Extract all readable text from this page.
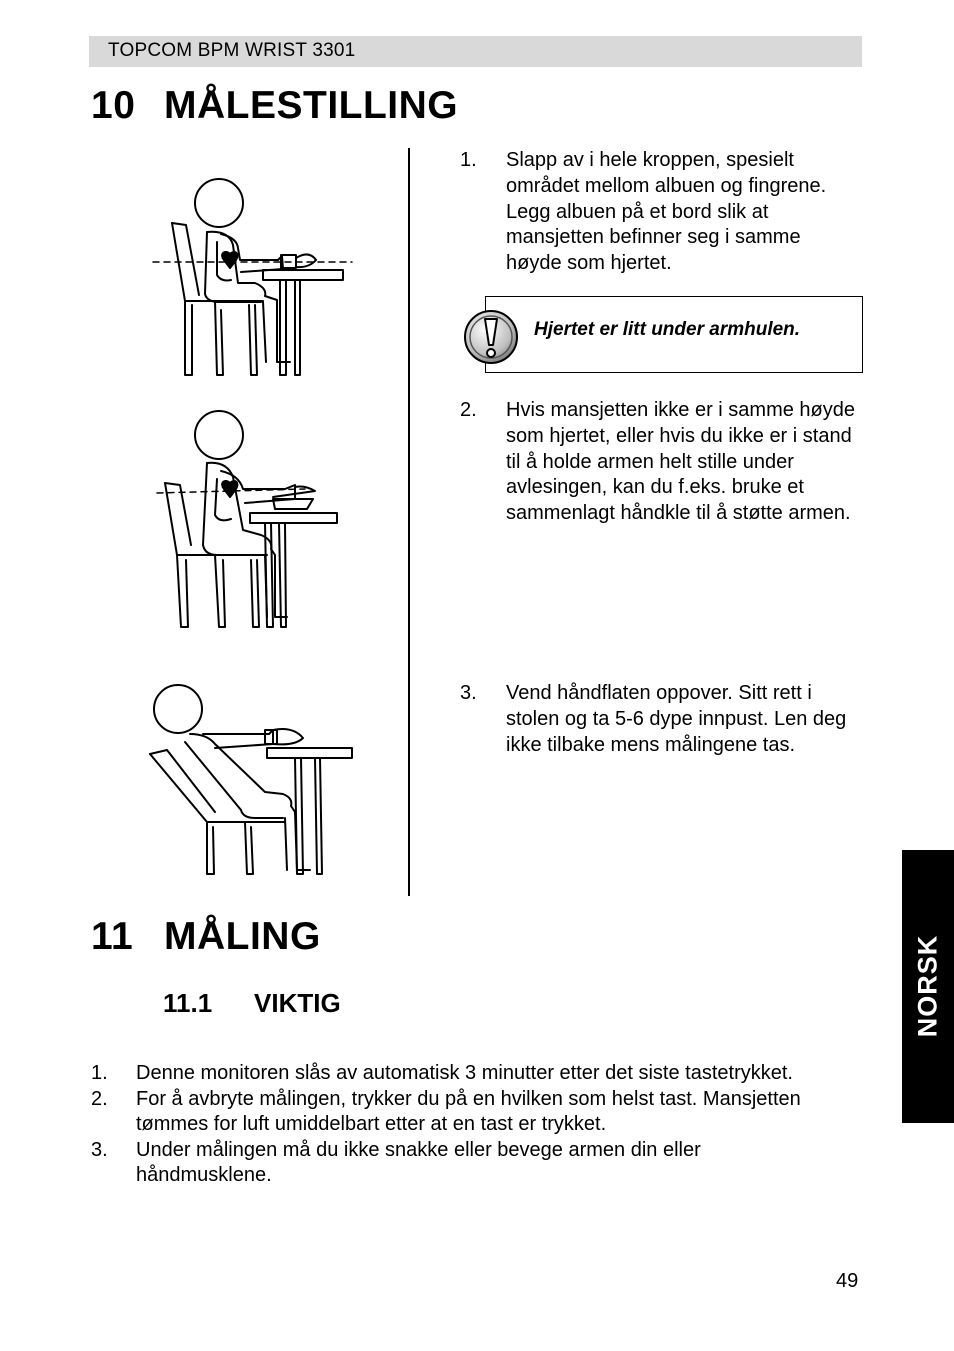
TOPCOM BPM WRIST 3301
10 MÅLESTILLING
1. Slapp av i hele kroppen, spesielt området mellom albuen og fingrene. Legg albuen på et bord slik at mansjetten befinner seg i samme høyde som hjertet.
Hjertet er litt under armhulen.
2. Hvis mansjetten ikke er i samme høyde som hjertet, eller hvis du ikke er i stand til å holde armen helt stille under avlesingen, kan du f.eks. bruke et sammenlagt håndkle til å støtte armen.
3. Vend håndflaten oppover. Sitt rett i stolen og ta 5-6 dype innpust. Len deg ikke tilbake mens målingene tas.
11 MÅLING
11.1 VIKTIG
1. Denne monitoren slås av automatisk 3 minutter etter det siste tastetrykket.
2. For å avbryte målingen, trykker du på en hvilken som helst tast. Mansjetten tømmes for luft umiddelbart etter at en tast er trykket.
3. Under målingen må du ikke snakke eller bevege armen din eller håndmusklene.
NORSK
49
